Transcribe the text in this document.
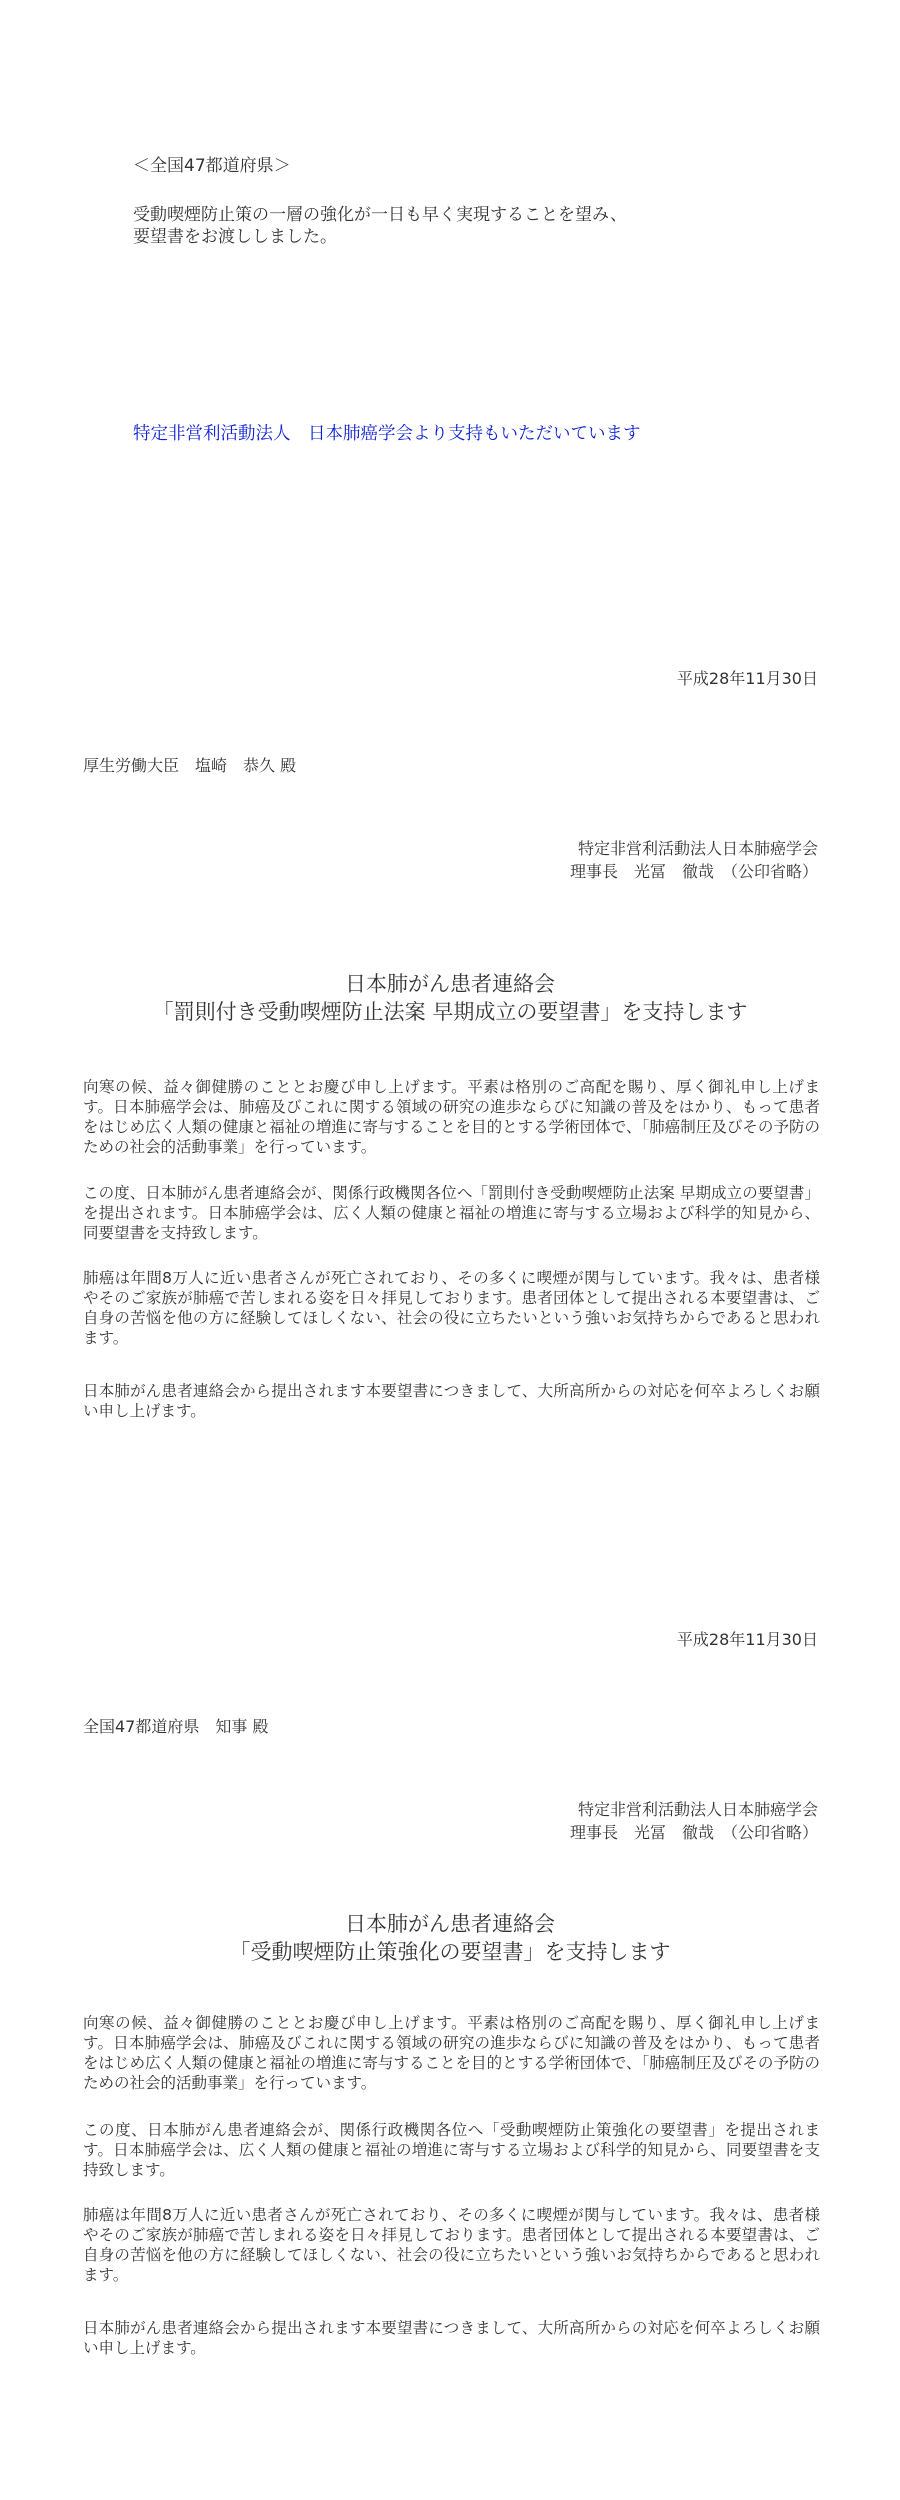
＜全国47都道府県＞
受動喫煙防止策の一層の強化が一日も早く実現することを望み、
要望書をお渡ししました。
特定非営利活動法人　日本肺癌学会より支持もいただいています
平成28年11月30日
厚生労働大臣　塩崎　恭久 殿
特定非営利活動法人日本肺癌学会
理事長　光冨　徹哉　（公印省略）
日本肺がん患者連絡会
「罰則付き受動喫煙防止法案 早期成立の要望書」を支持します
向寒の候、益々御健勝のこととお慶び申し上げます。平素は格別のご高配を賜り、厚く御礼申し上げます。日本肺癌学会は、肺癌及びこれに関する領域の研究の進歩ならびに知識の普及をはかり、もって患者をはじめ広く人類の健康と福祉の増進に寄与することを目的とする学術団体で、「肺癌制圧及びその予防のための社会的活動事業」を行っています。
この度、日本肺がん患者連絡会が、関係行政機関各位へ「罰則付き受動喫煙防止法案 早期成立の要望書」を提出されます。日本肺癌学会は、広く人類の健康と福祉の増進に寄与する立場および科学的知見から、同要望書を支持致します。
肺癌は年間8万人に近い患者さんが死亡されており、その多くに喫煙が関与しています。我々は、患者様やそのご家族が肺癌で苦しまれる姿を日々拝見しております。患者団体として提出される本要望書は、ご自身の苦悩を他の方に経験してほしくない、社会の役に立ちたいという強いお気持ちからであると思われます。
日本肺がん患者連絡会から提出されます本要望書につきまして、大所高所からの対応を何卒よろしくお願い申し上げます。
平成28年11月30日
全国47都道府県　知事 殿
特定非営利活動法人日本肺癌学会
理事長　光冨　徹哉　（公印省略）
日本肺がん患者連絡会
「受動喫煙防止策強化の要望書」を支持します
向寒の候、益々御健勝のこととお慶び申し上げます。平素は格別のご高配を賜り、厚く御礼申し上げます。日本肺癌学会は、肺癌及びこれに関する領域の研究の進歩ならびに知識の普及をはかり、もって患者をはじめ広く人類の健康と福祉の増進に寄与することを目的とする学術団体で、「肺癌制圧及びその予防のための社会的活動事業」を行っています。
この度、日本肺がん患者連絡会が、関係行政機関各位へ「受動喫煙防止策強化の要望書」を提出されます。日本肺癌学会は、広く人類の健康と福祉の増進に寄与する立場および科学的知見から、同要望書を支持致します。
肺癌は年間8万人に近い患者さんが死亡されており、その多くに喫煙が関与しています。我々は、患者様やそのご家族が肺癌で苦しまれる姿を日々拝見しております。患者団体として提出される本要望書は、ご自身の苦悩を他の方に経験してほしくない、社会の役に立ちたいという強いお気持ちからであると思われます。
日本肺がん患者連絡会から提出されます本要望書につきまして、大所高所からの対応を何卒よろしくお願い申し上げます。
